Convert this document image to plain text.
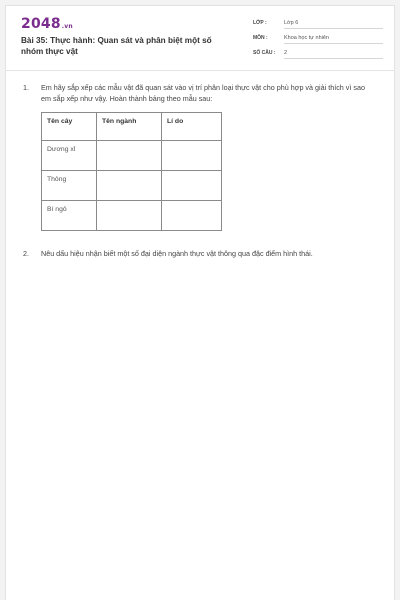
2048.vn
Bài 35: Thực hành: Quan sát và phân biệt một số nhóm thực vật
LỚP :	Lớp 6
MÔN :	Khoa học tự nhiên
SỐ CÂU : 2
1. Em hãy sắp xếp các mẫu vật đã quan sát vào vị trí phân loại thực vật cho phù hợp và giải thích vì sao em sắp xếp như vậy. Hoàn thành bảng theo mẫu sau:
Tên cây	Tên ngành	Lí do
Dương xỉ		
Thông		
Bí ngô		
2. Nêu dấu hiệu nhận biết một số đại diện ngành thực vật thông qua đặc điểm hình thái.
